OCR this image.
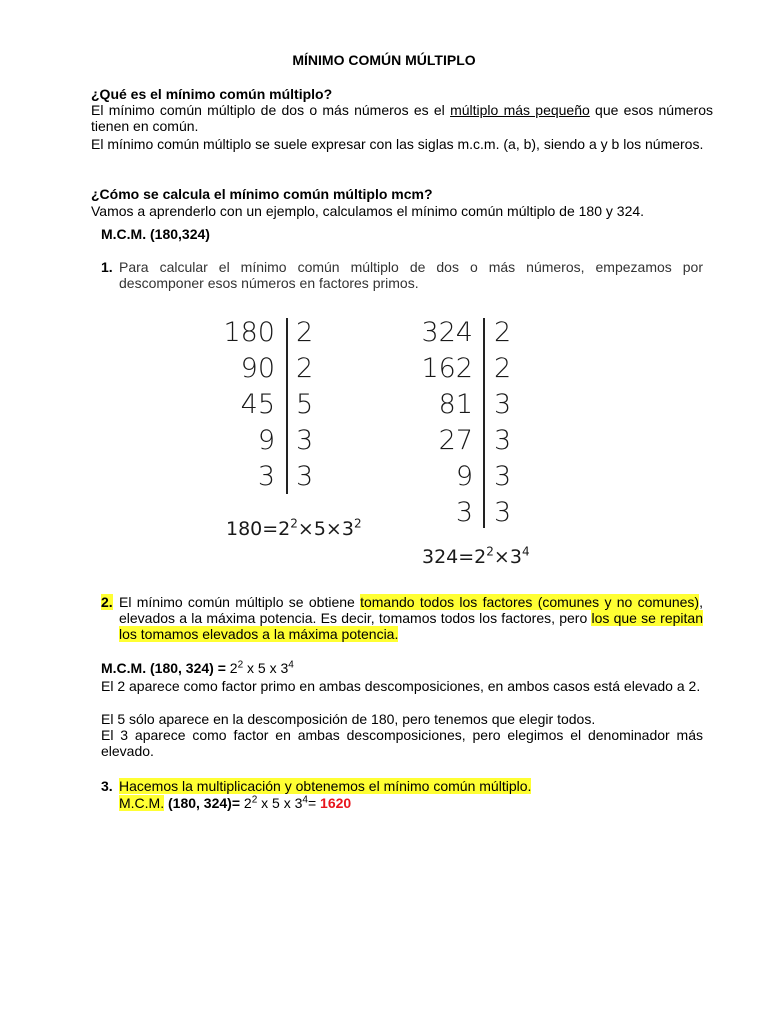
MÍNIMO COMÚN MÚLTIPLO
¿Qué es el mínimo común múltiplo?
El mínimo común múltiplo de dos o más números es el múltiplo más pequeño que esos números tienen en común.
El mínimo común múltiplo se suele expresar con las siglas m.c.m. (a, b), siendo a y b los números.
¿Cómo se calcula el mínimo común múltiplo mcm?
Vamos a aprenderlo con un ejemplo, calculamos el mínimo común múltiplo de 180 y 324.
M.C.M. (180,324)
1. Para calcular el mínimo común múltiplo de dos o más números, empezamos por descomponer esos números en factores primos.
180
90
45
9
3
2
2
5
3
3
$180=2^2\times 5\times 3^2$
324
162
81
27
9
3
2
2
3
3
3
3
$324=2^2\times 3^4$
2. El mínimo común múltiplo se obtiene tomando todos los factores (comunes y no comunes), elevados a la máxima potencia. Es decir, tomamos todos los factores, pero los que se repitan los tomamos elevados a la máxima potencia.
M.C.M. (180, $324) = 2^2$ x 5 x $3^4$
El 2 aparece como factor primo en ambas descomposiciones, en ambos casos está elevado a 2.
El 5 sólo aparece en la descomposición de 180, pero tenemos que elegir todos.
El 3 aparece como factor en ambas descomposiciones, pero elegimos el denominador más elevado.
3. Hacemos la multiplicación y obtenemos el mínimo común múltiplo.
M.C.M. (180, $324)= 2^2$ x 5 x $3^4= 1620$
